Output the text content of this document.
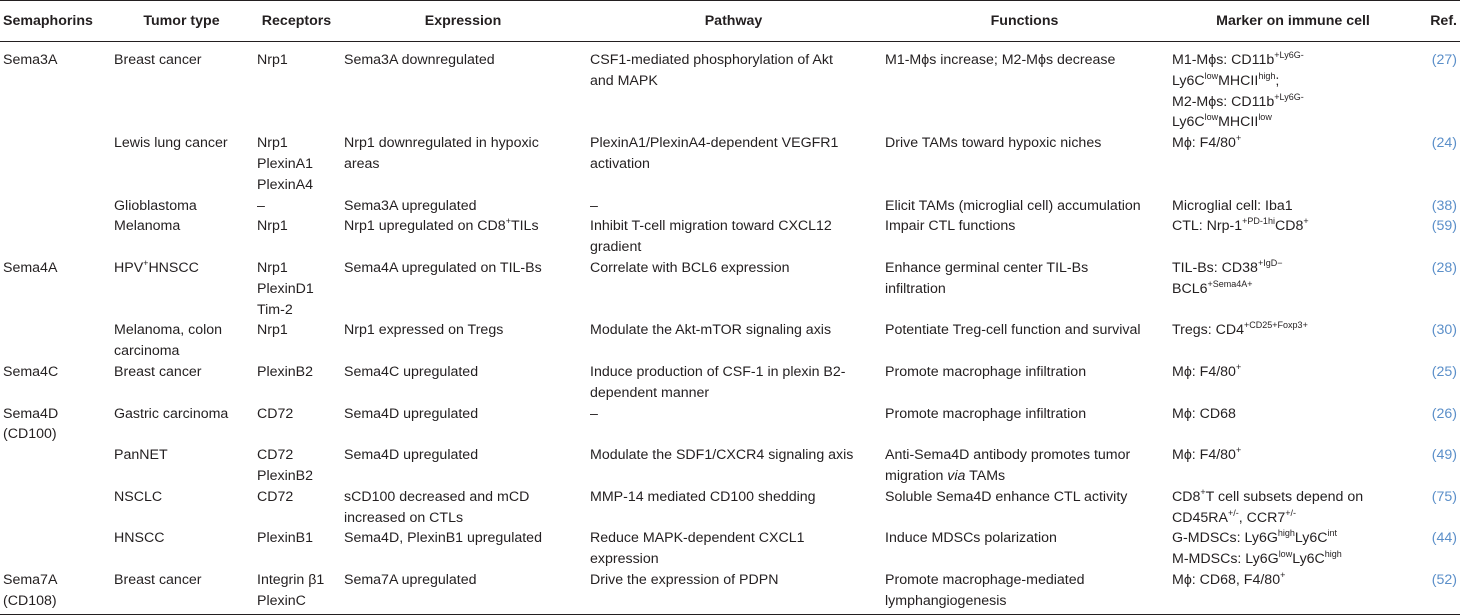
Semaphorins	Tumor type	Receptors	Expression	Pathway	Functions	Marker on immune cell	Ref.

Sema3A	Breast cancer	Nrp1	Sema3A downregulated	CSF1-mediated phosphorylation of Akt
and MAPK	M1-Mϕs increase; M2-Mϕs decrease	M1-Mϕs: $CD11b^{+Ly6G-}$
$Ly6C^{low}MHCII^{high}$;
M2-Mϕs: $CD11b^{+Ly6G-}$
$Ly6C^{low}MHCII^{low}$	(27)

	Lewis lung cancer	Nrp1
PlexinA1
PlexinA4	Nrp1 downregulated in hypoxic
areas	PlexinA1/PlexinA4-dependent VEGFR1
activation	Drive TAMs toward hypoxic niches	Mϕ: F4/80+	(24)

	Glioblastoma	–	Sema3A upregulated	–	Elicit TAMs (microglial cell) accumulation	Microglial cell: Iba1	(38)

	Melanoma	Nrp1	Nrp1 upregulated on CD8+TILs	Inhibit T-cell migration toward CXCL12
gradient	Impair CTL functions	CTL: Nrp-$1^{+PD-1hi}CD8^+$	(59)

Sema4A	HPV+HNSCC	Nrp1
PlexinD1
Tim-2	Sema4A upregulated on TIL-Bs	Correlate with BCL6 expression	Enhance germinal center TIL-Bs
infiltration	TIL-Bs: $CD38^{+IgD-}$
$BCL6^{+Sema4A+}$	(28)

	Melanoma, colon
carcinoma	Nrp1	Nrp1 expressed on Tregs	Modulate the Akt-mTOR signaling axis	Potentiate Treg-cell function and survival	Tregs: $CD4^{+CD25+Foxp3+}$	(30)

Sema4C	Breast cancer	PlexinB2	Sema4C upregulated	Induce production of CSF-1 in plexin B2-
dependent manner	Promote macrophage infiltration	Mϕ: F4/80+	(25)

Sema4D
(CD100)	Gastric carcinoma	CD72	Sema4D upregulated	–	Promote macrophage infiltration	Mϕ: CD68	(26)

	PanNET	CD72
PlexinB2	Sema4D upregulated	Modulate the SDF1/CXCR4 signaling axis	Anti-Sema4D antibody promotes tumor
migration via TAMs	Mϕ: F4/80+	(49)

	NSCLC	CD72	sCD100 decreased and mCD
increased on CTLs	MMP-14 mediated CD100 shedding	Soluble Sema4D enhance CTL activity	CD8+T cell subsets depend on
CD45RA+/-, CCR7+/-	(75)

	HNSCC	PlexinB1	Sema4D, PlexinB1 upregulated	Reduce MAPK-dependent CXCL1
expression	Induce MDSCs polarization	G-MDSCs: $Ly6G^{high}Ly6C^{int}$
M-MDSCs: $Ly6G^{low}Ly6C^{high}$	(44)

Sema7A
(CD108)	Breast cancer	Integrin β1
PlexinC	Sema7A upregulated	Drive the expression of PDPN	Promote macrophage-mediated
lymphangiogenesis	Mϕ: CD68, F4/80+	(52)
